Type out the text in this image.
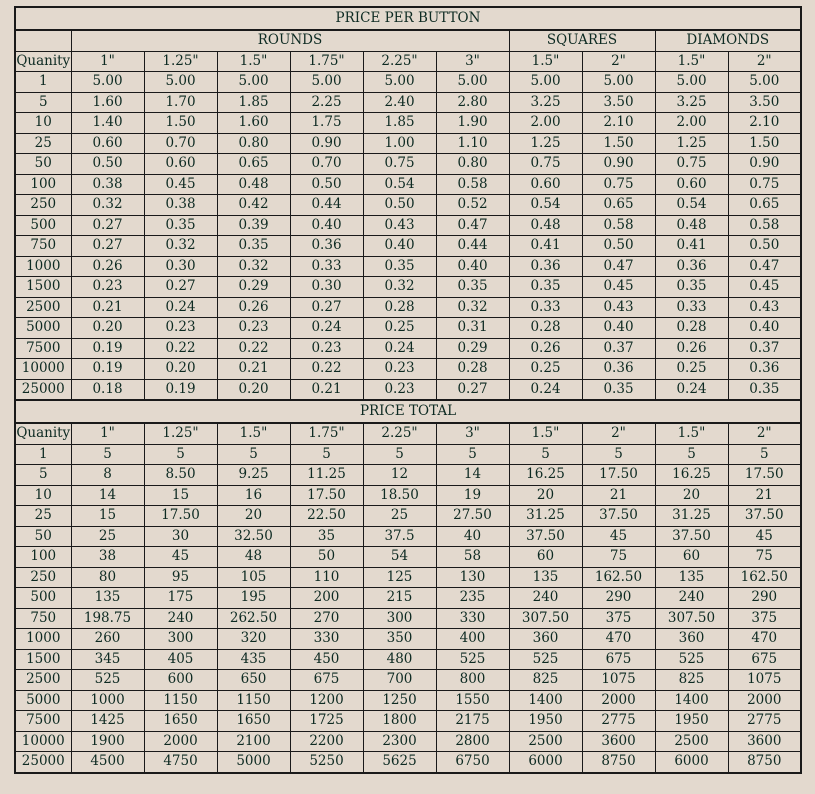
PRICE PER BUTTON										
	ROUNDS						SQUARES		DIAMONDS	
Quanity	1"	1.25"	1.5"	1.75"	2.25"	3"	1.5"	2"	1.5"	2"
1	5.00	5.00	5.00	5.00	5.00	5.00	5.00	5.00	5.00	5.00
5	1.60	1.70	1.85	2.25	2.40	2.80	3.25	3.50	3.25	3.50
10	1.40	1.50	1.60	1.75	1.85	1.90	2.00	2.10	2.00	2.10
25	0.60	0.70	0.80	0.90	1.00	1.10	1.25	1.50	1.25	1.50
50	0.50	0.60	0.65	0.70	0.75	0.80	0.75	0.90	0.75	0.90
100	0.38	0.45	0.48	0.50	0.54	0.58	0.60	0.75	0.60	0.75
250	0.32	0.38	0.42	0.44	0.50	0.52	0.54	0.65	0.54	0.65
500	0.27	0.35	0.39	0.40	0.43	0.47	0.48	0.58	0.48	0.58
750	0.27	0.32	0.35	0.36	0.40	0.44	0.41	0.50	0.41	0.50
1000	0.26	0.30	0.32	0.33	0.35	0.40	0.36	0.47	0.36	0.47
1500	0.23	0.27	0.29	0.30	0.32	0.35	0.35	0.45	0.35	0.45
2500	0.21	0.24	0.26	0.27	0.28	0.32	0.33	0.43	0.33	0.43
5000	0.20	0.23	0.23	0.24	0.25	0.31	0.28	0.40	0.28	0.40
7500	0.19	0.22	0.22	0.23	0.24	0.29	0.26	0.37	0.26	0.37
10000	0.19	0.20	0.21	0.22	0.23	0.28	0.25	0.36	0.25	0.36
25000	0.18	0.19	0.20	0.21	0.23	0.27	0.24	0.35	0.24	0.35
PRICE TOTAL										
Quanity	1"	1.25"	1.5"	1.75"	2.25"	3"	1.5"	2"	1.5"	2"
1	5	5	5	5	5	5	5	5	5	5
5	8	8.50	9.25	11.25	12	14	16.25	17.50	16.25	17.50
10	14	15	16	17.50	18.50	19	20	21	20	21
25	15	17.50	20	22.50	25	27.50	31.25	37.50	31.25	37.50
50	25	30	32.50	35	37.5	40	37.50	45	37.50	45
100	38	45	48	50	54	58	60	75	60	75
250	80	95	105	110	125	130	135	162.50	135	162.50
500	135	175	195	200	215	235	240	290	240	290
750	198.75	240	262.50	270	300	330	307.50	375	307.50	375
1000	260	300	320	330	350	400	360	470	360	470
1500	345	405	435	450	480	525	525	675	525	675
2500	525	600	650	675	700	800	825	1075	825	1075
5000	1000	1150	1150	1200	1250	1550	1400	2000	1400	2000
7500	1425	1650	1650	1725	1800	2175	1950	2775	1950	2775
10000	1900	2000	2100	2200	2300	2800	2500	3600	2500	3600
25000	4500	4750	5000	5250	5625	6750	6000	8750	6000	8750
